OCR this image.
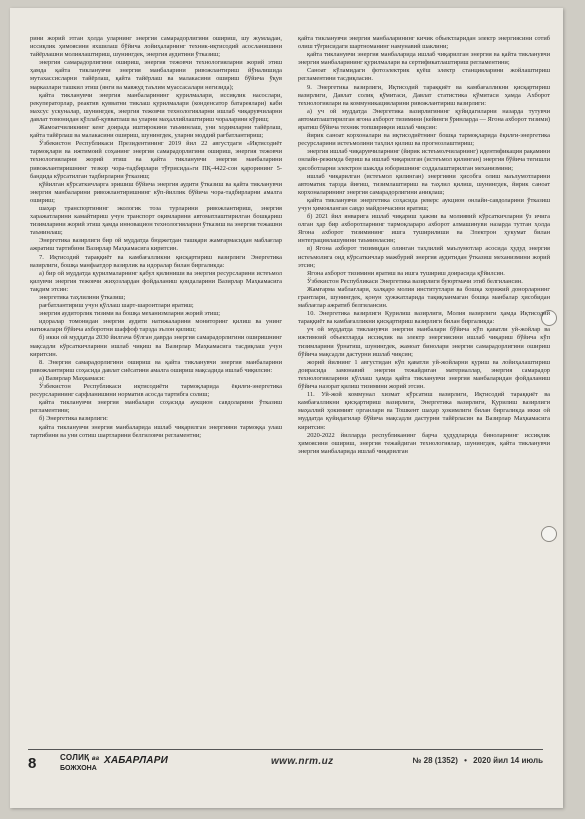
рини жорий этган ҳолда уларнинг энергия самарадорлигини ошириш, шу жумладан, иссиқлик ҳимоясини яхшилаш бўйича лойиҳаларнинг техник-иқтисодий асосланишини тайёрлашни молиялаштириш, шунингдек, энергия аудитини ўтказиш;

энергия самарадорлигини ошириш, энергия тежовчи технологияларни жорий этиш ҳамда қайта тикланувчи энергия манбаларини ривожлантириш йўналишида мутахассисларни тайёрлаш, қайта тайёрлаш ва малакасини ошириш бўйича ўқув марказлари ташкил этиш (янги ва мавжуд таълим муассасалари негизида);

қайта тикланувчи энергия манбаларининг қурилмалари, иссиқлик насослари, рекуператорлар, реактив қувватни тиклаш қурилмалари (конденсатор батареялари) каби махсус ускуналар, шунингдек, энергия тежовчи технологияларни ишлаб чиқарувчиларни давлат томонидан қўллаб-қувватлаш ва уларни маҳаллийлаштириш чораларини кўриш;

Жамоатчиликнинг кенг доирада иштирокини таъминлаш, уни ходимларни тайёрлаш, қайта тайёрлаш ва малакасини ошириш, шунингдек, уларни моддий рағбатлантириш;

Ўзбекистон Республикаси Президентининг 2019 йил 22 августдаги «Иқтисодиёт тармоқлари ва ижтимоий соҳанинг энергия самарадорлигини ошириш, энергия тежовчи технологияларни жорий этиш ва қайта тикланувчи энергия манбаларини ривожлантиришнинг тезкор чора-тадбирлари тўғрисида»ги ПҚ-4422-сон қарорининг 5-бандида кўрсатилган тадбирларни ўтказиш;

қўйилган кўрсаткичларга эришиш бўйича энергия аудити ўтказиш ва қайта тикланувчи энергия манбаларини ривожлантиришнинг кўп-йиллик бўйича чора-тадбирларни амалга ошириш;

шаҳар транспортининг экологик тоза турларини ривожлантириш, энергия харажатларини камайтириш учун транспорт оқимларини автоматлаштирилган бошқариш тизимларини жорий этиш ҳамда инновацион технологияларни ўтказиш ва энергия тежашни таъминлаш;

Энергетика вазирлиги бир ой муддатда бюджетдан ташқари жамғармасидан маблағлар ажратиш тартибини Вазирлар Маҳкамасига киритсин.

7. Иқтисодий тараққиёт ва камбағалликни қисқартириш вазирлиги Энергетика вазирлиги, бошқа манфаатдор вазирлик ва идоралар билан биргаликда:

а) бир ой муддатда қурилмаларнинг қабул қилиниши ва энергия ресурсларини истеъмол қилувчи энергия тежовчи жиҳозлардан фойдаланиш қоидаларини Вазирлар Маҳкамасига тақдим этсин:

энергетика таҳлилини ўтказиш;

рағбатлантириш учун қўллаш шарт-шароитлари яратиш;

энергия аудиторлик тизими ва бошқа механизмларни жорий этиш;

идоралар томонидан энергия аудити натижаларини мониторинг қилиш ва унинг натижалари бўйича ахборотни шаффоф тарзда эълон қилиш;

б) икки ой муддатда 2030 йилгача бўлган даврда энергия самарадорлигини оширишнинг мақсадли кўрсаткичларини ишлаб чиқиш ва Вазирлар Маҳкамасига тасдиқлаш учун киритсин.

8. Энергия самарадорлигини ошириш ва қайта тикланувчи энергия манбаларини ривожлантириш соҳасида давлат сиёсатини амалга ошириш мақсадида ишлаб чиқилсин:

а) Вазирлар Маҳкамаси:

Ўзбекистон Республикаси иқтисодиёти тармоқларида ёқилғи-энергетика ресурсларининг сарфланишини норматив асосда тартибга солиш;

қайта тикланувчи энергия манбалари соҳасида аукцион савдоларини ўтказиш регламентини;

б) Энергетика вазирлиги:

қайта тикланувчи энергия манбаларида ишлаб чиқарилган энергияни тармоққа улаш тартибини ва уни сотиш шартларини белгиловчи регламентни;

қайта тикланувчи энергия манбаларининг кичик объектларидан электр энергиясини сотиб олиш тўғрисидаги шартноманинг намунавий шаклини;

қайта тикланувчи энергия манбаларида ишлаб чиқарилган энергия ва қайта тикланувчи энергия манбаларининг қурилмалари ва сертификатлаштириш регламентини;

Саноат кўламидаги фотоэлектрик қуёш электр станцияларини жойлаштириш регламентини тасдиқласин.

9. Энергетика вазирлиги, Иқтисодий тараққиёт ва камбағалликни қисқартириш вазирлиги, Давлат солиқ қўмитаси, Давлат статистика қўмитаси ҳамда Ахборот технологиялари ва коммуникацияларини ривожлантириш вазирлиги:

а) уч ой муддатда Энергетика вазирлигининг қуйидагиларни назарда тутувчи автоматлаштирилган ягона ахборот тизимини (кейинги ўринларда — Ягона ахборот тизими) яратиш бўйича техник топшириқни ишлаб чиқсин:

йирик саноат корхоналари ва иқтисодиётнинг бошқа тармоқларида ёқилғи-энергетика ресурсларини истеъмолини таҳлил қилиш ва прогнозлаштириш;

энергия ишлаб чиқарувчиларнинг (йирик истеъмолчиларнинг) идентификация рақамини онлайн-режимда бериш ва ишлаб чиқарилган (истеъмол қилинган) энергия бўйича тегишли ҳисоботларни электрон шаклда юборишнинг соддалаштирилган механизмини;

ишлаб чиқарилган (истеъмол қилинган) энергияни ҳисобга олиш маълумотларини автоматик тарзда йиғиш, тизимлаштириш ва таҳлил қилиш, шунингдек, йирик саноат корхоналарининг энергия самарадорлигини аниқлаш;

қайта тикланувчи энергетика соҳасида реверс аукцион онлайн-савдоларини ўтказиш учун ҳимояланган савдо майдончасини яратиш;

б) 2021 йил январига ишлаб чиқариш ҳажми ва молиявий кўрсаткичларни ўз ичига олган ҳар бир ахборотларнинг тармоқлараро ахборот алмашинуви назарда тутган ҳолда Ягона ахборот тизимининг ишга туширилиши ва Электрон ҳукумат билан интеграциялашувини таъминласин;

в) Ягона ахборот тизимидан олинган таҳлилий маълумотлар асосида ҳудуд энергия истеъмолига оид кўрсаткичлар мажбурий энергия аудитидан ўтказиш механизмини жорий этсин;

Ягона ахборот тизимини яратиш ва ишга тушириш доирасида қўйилсин.

Ўзбекистон Республикаси Энергетика вазирлиги буюртмачи этиб белгилансин.

Жамғарма маблағлари, халқаро молия институтлари ва бошқа хорижий донорларнинг грантлари, шунингдек, қонун ҳужжатларида тақиқланмаган бошқа манбалар ҳисобидан маблағлар ажратиб белгилансин.

10. Энергетика вазирлиги Қурилиш вазирлиги, Молия вазирлиги ҳамда Иқтисодий тараққиёт ва камбағалликни қисқартириш вазирлиги билан биргаликда:

уч ой муддатда тикланувчи энергия манбалари бўйича кўп қаватли уй-жойлар ва ижтимоий объектларда иссиқлик ва электр энергиясини ишлаб чиқариш бўйича кўп тизимларини ўрнатиш, шунингдек, жамоат бинолари энергия самарадорлигини ошириш бўйича мақсадли дастурни ишлаб чиқсин;

жорий йилнинг 1 августидан кўп қаватли уй-жойларни қуриш ва лойиҳалаштириш доирасида замонавий энергия тежайдиган материаллар, энергия самарадор технологияларини қўллаш ҳамда қайта тикланувчи энергия манбаларидан фойдаланиш бўйича назорат қилиш тизимини жорий этсин.

11. Уй-жой коммунал хизмат кўрсатиш вазирлиги, Иқтисодий тараққиёт ва камбағалликни қисқартириш вазирлиги, Энергетика вазирлиги, Қурилиш вазирлиги маҳаллий ҳокимият органлари ва Тошкент шаҳар ҳокимлиги билан биргаликда икки ой муддатда қуйидагилар бўйича мақсадли дастурни тайёрласин ва Вазирлар Маҳкамасига киритсин:

2020-2022 йилларда республиканинг барча ҳудудларида биноларнинг иссиқлик ҳимоясини ошириш, энергия тежайдиган технологиялар, шунингдек, қайта тикланувчи энергия манбаларида ишлаб чиқарилган

8	СОЛИҚ ва
БОЖХОНА
ХАБАРЛАРИ	www.nrm.uz	№ 28 (1352) • 2020 йил 14 июль
